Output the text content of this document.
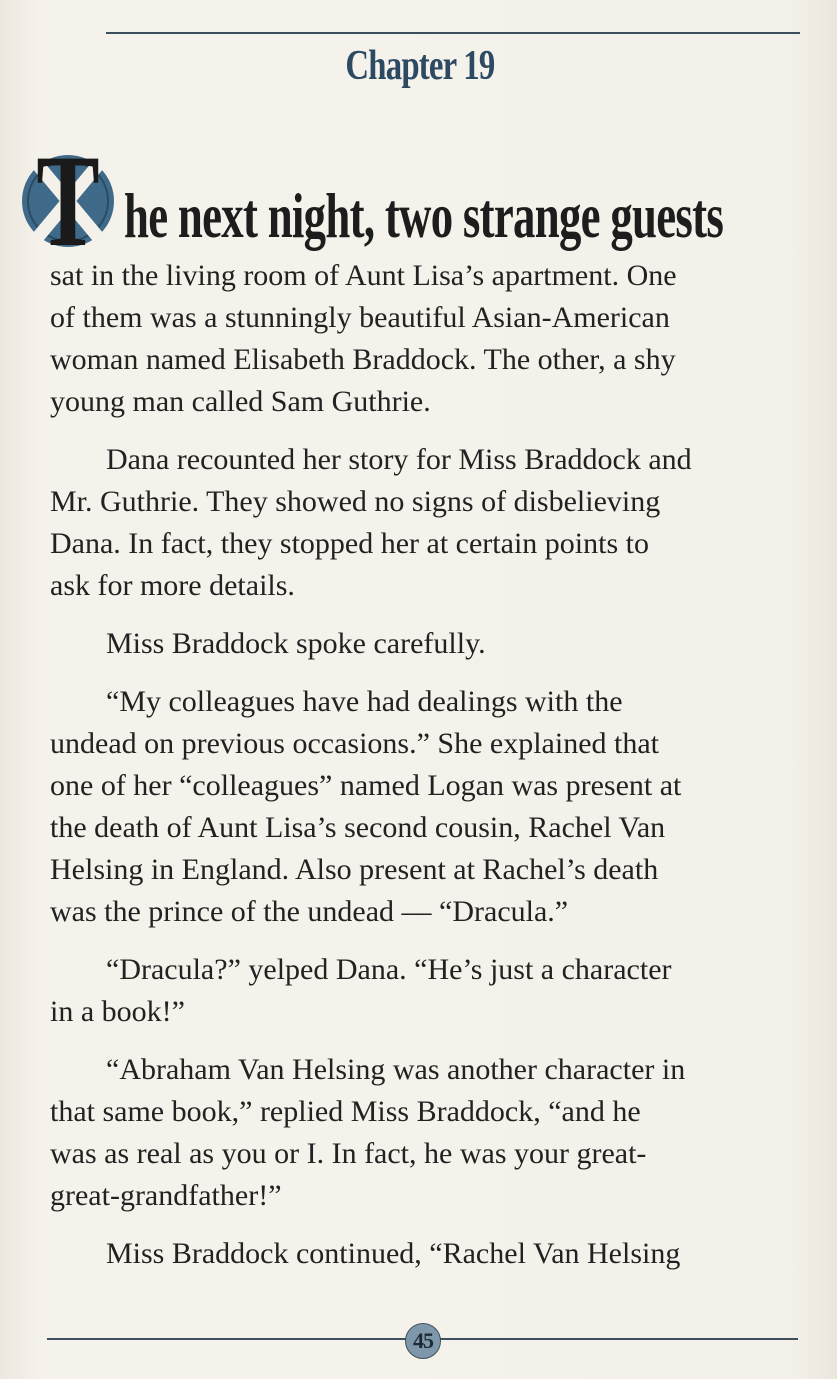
Chapter 19
T he next night, two strange guests

sat in the living room of Aunt Lisa’s apartment. One
of them was a stunningly beautiful Asian-American
woman named Elisabeth Braddock. The other, a shy
young man called Sam Guthrie.

Dana recounted her story for Miss Braddock and
Mr. Guthrie. They showed no signs of disbelieving
Dana. In fact, they stopped her at certain points to
ask for more details.

Miss Braddock spoke carefully.

“My colleagues have had dealings with the
undead on previous occasions.” She explained that
one of her “colleagues” named Logan was present at
the death of Aunt Lisa’s second cousin, Rachel Van
Helsing in England. Also present at Rachel’s death
was the prince of the undead — “Dracula.”

“Dracula?” yelped Dana. “He’s just a character
in a book!”

“Abraham Van Helsing was another character in
that same book,” replied Miss Braddock, “and he
was as real as you or I. In fact, he was your great-
great-grandfather!”

Miss Braddock continued, “Rachel Van Helsing

45
